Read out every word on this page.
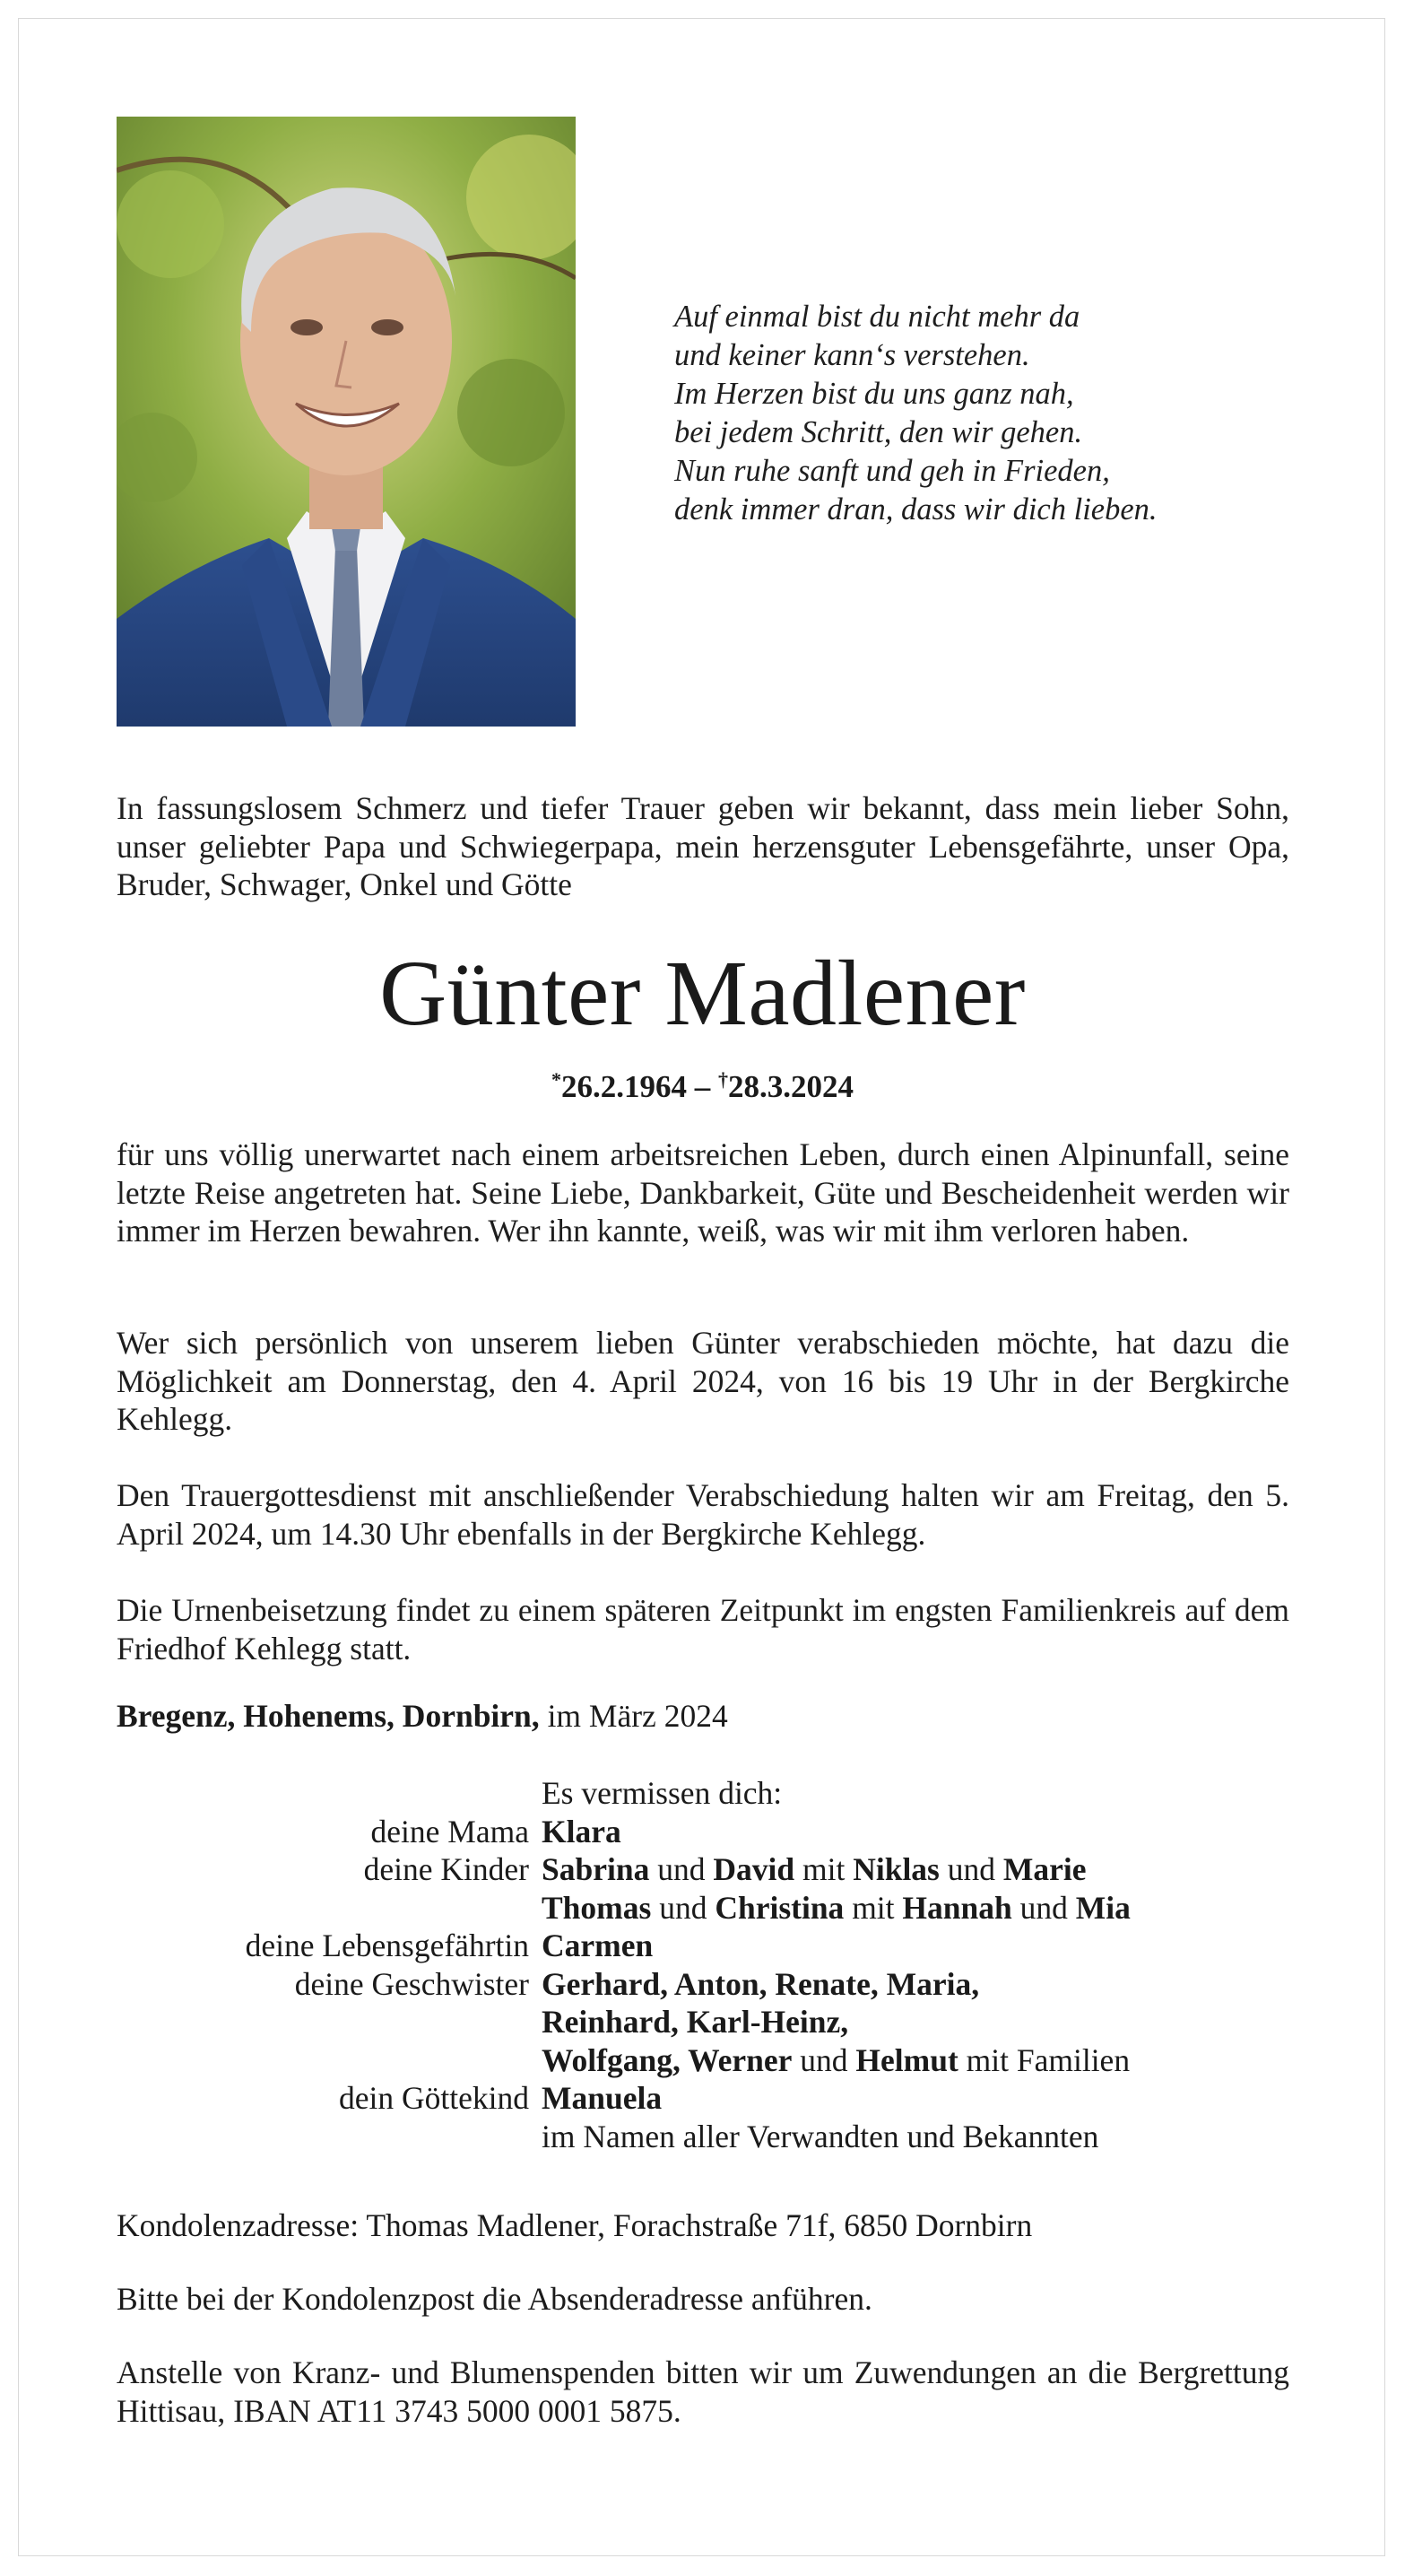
Auf einmal bist du nicht mehr da
und keiner kann‘s verstehen.
Im Herzen bist du uns ganz nah,
bei jedem Schritt, den wir gehen.
Nun ruhe sanft und geh in Frieden,
denk immer dran, dass wir dich lieben.
In fassungslosem Schmerz und tiefer Trauer geben wir bekannt, dass mein lieber Sohn, unser geliebter Papa und Schwiegerpapa, mein herzensguter Lebensgefährte, unser Opa, Bruder, Schwager, Onkel und Götte
Günter Madlener
*26.2.1964 – †28.3.2024
für uns völlig unerwartet nach einem arbeitsreichen Leben, durch einen Alpinunfall, seine letzte Reise angetreten hat. Seine Liebe, Dankbarkeit, Güte und Bescheidenheit werden wir immer im Herzen bewahren. Wer ihn kannte, weiß, was wir mit ihm verloren haben.
Wer sich persönlich von unserem lieben Günter verabschieden möchte, hat dazu die Möglichkeit am Donnerstag, den 4. April 2024, von 16 bis 19 Uhr in der Bergkirche Kehlegg.
Den Trauergottesdienst mit anschließender Verabschiedung halten wir am Freitag, den 5. April 2024, um 14.30 Uhr ebenfalls in der Bergkirche Kehlegg.
Die Urnenbeisetzung findet zu einem späteren Zeitpunkt im engsten Familienkreis auf dem Friedhof Kehlegg statt.
Bregenz, Hohenems, Dornbirn, im März 2024
Es vermissen dich:
deine Mama Klara
deine Kinder Sabrina und David mit Niklas und Marie
Thomas und Christina mit Hannah und Mia
deine Lebensgefährtin Carmen
deine Geschwister Gerhard, Anton, Renate, Maria,
Reinhard, Karl-Heinz,
Wolfgang, Werner und Helmut mit Familien
dein Göttekind Manuela
im Namen aller Verwandten und Bekannten
Kondolenzadresse: Thomas Madlener, Forachstraße 71f, 6850 Dornbirn
Bitte bei der Kondolenzpost die Absenderadresse anführen.
Anstelle von Kranz- und Blumenspenden bitten wir um Zuwendungen an die Bergrettung Hittisau, IBAN AT11 3743 5000 0001 5875.
